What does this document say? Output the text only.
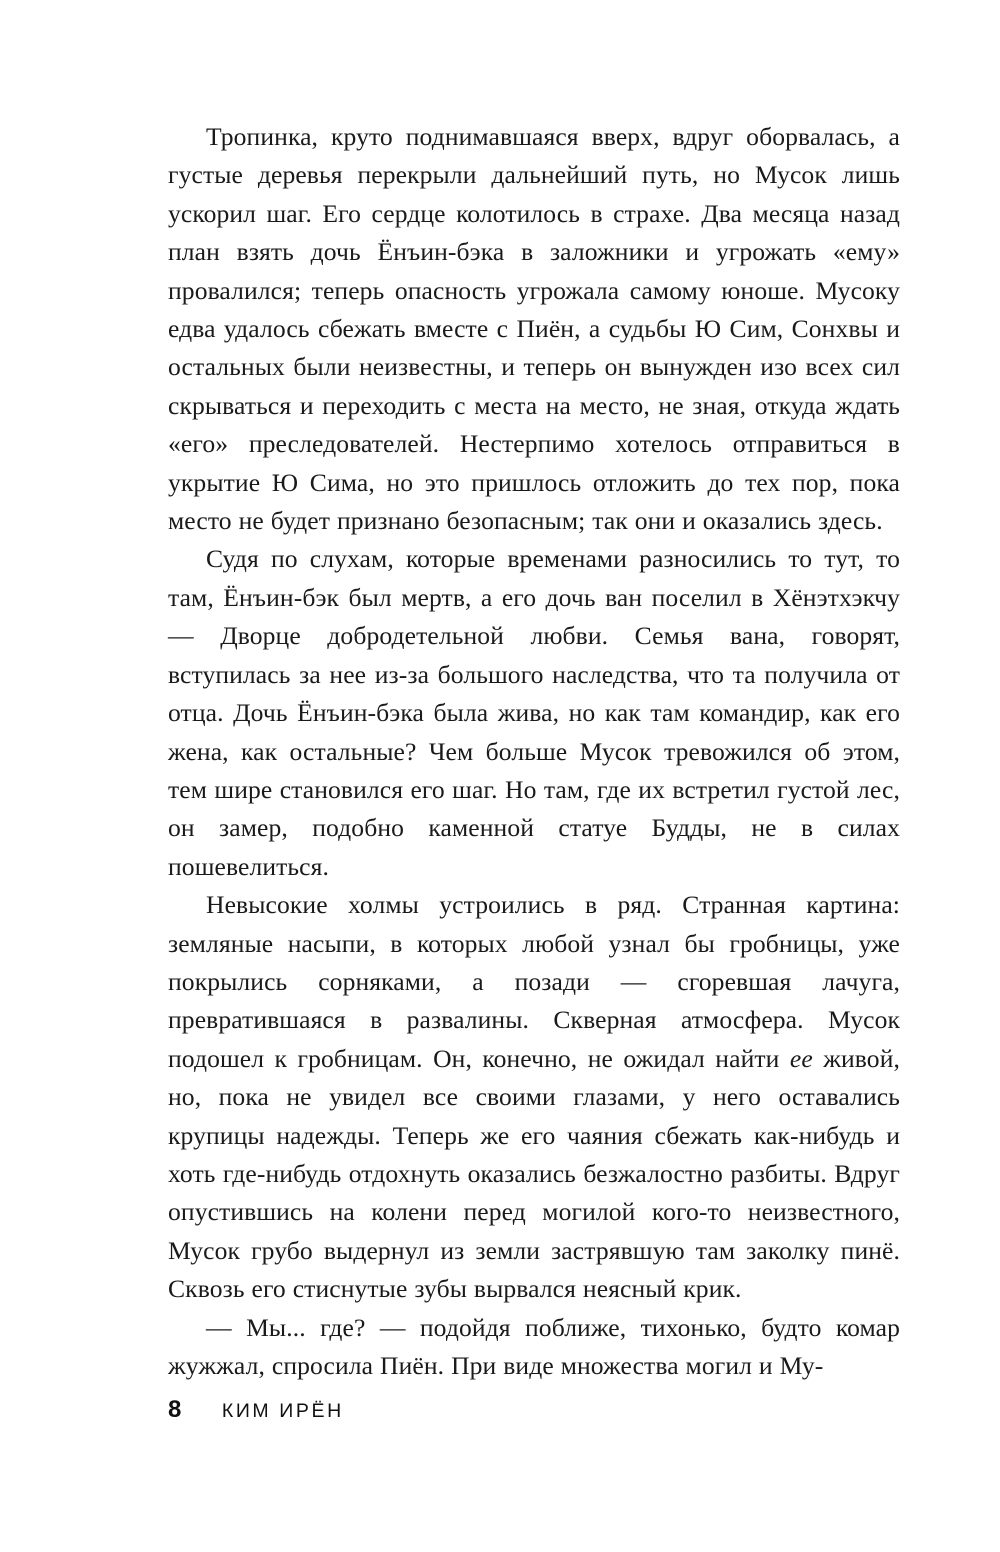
Тропинка, круто поднимавшаяся вверх, вдруг оборвалась, а густые деревья перекрыли дальнейший путь, но Мусок лишь ускорил шаг. Его сердце колотилось в страхе. Два месяца назад план взять дочь Ёнъин-бэка в заложники и угрожать «ему» провалился; теперь опасность угрожала самому юноше. Мусоку едва удалось сбежать вместе с Пиён, а судьбы Ю Сим, Сонхвы и остальных были неизвестны, и теперь он вынужден изо всех сил скрываться и переходить с места на место, не зная, откуда ждать «его» преследователей. Нестерпимо хотелось отправиться в укрытие Ю Сима, но это пришлось отложить до тех пор, пока место не будет признано безопасным; так они и оказались здесь.

Судя по слухам, которые временами разносились то тут, то там, Ёнъин-бэк был мертв, а его дочь ван поселил в Хёнэтхэкчу — Дворце добродетельной любви. Семья вана, говорят, вступилась за нее из-за большого наследства, что та получила от отца. Дочь Ёнъин-бэка была жива, но как там командир, как его жена, как остальные? Чем больше Мусок тревожился об этом, тем шире становился его шаг. Но там, где их встретил густой лес, он замер, подобно каменной статуе Будды, не в силах пошевелиться.

Невысокие холмы устроились в ряд. Странная картина: земляные насыпи, в которых любой узнал бы гробницы, уже покрылись сорняками, а позади — сгоревшая лачуга, превратившаяся в развалины. Скверная атмосфера. Мусок подошел к гробницам. Он, конечно, не ожидал найти ее живой, но, пока не увидел все своими глазами, у него оставались крупицы надежды. Теперь же его чаяния сбежать как-нибудь и хоть где-нибудь отдохнуть оказались безжалостно разбиты. Вдруг опустившись на колени перед могилой кого-то неизвестного, Мусок грубо выдернул из земли застрявшую там заколку пинё. Сквозь его стиснутые зубы вырвался неясный крик.

— Мы... где? — подойдя поближе, тихонько, будто комар жужжал, спросила Пиён. При виде множества могил и Му-

8 КИМ ИРЁН
